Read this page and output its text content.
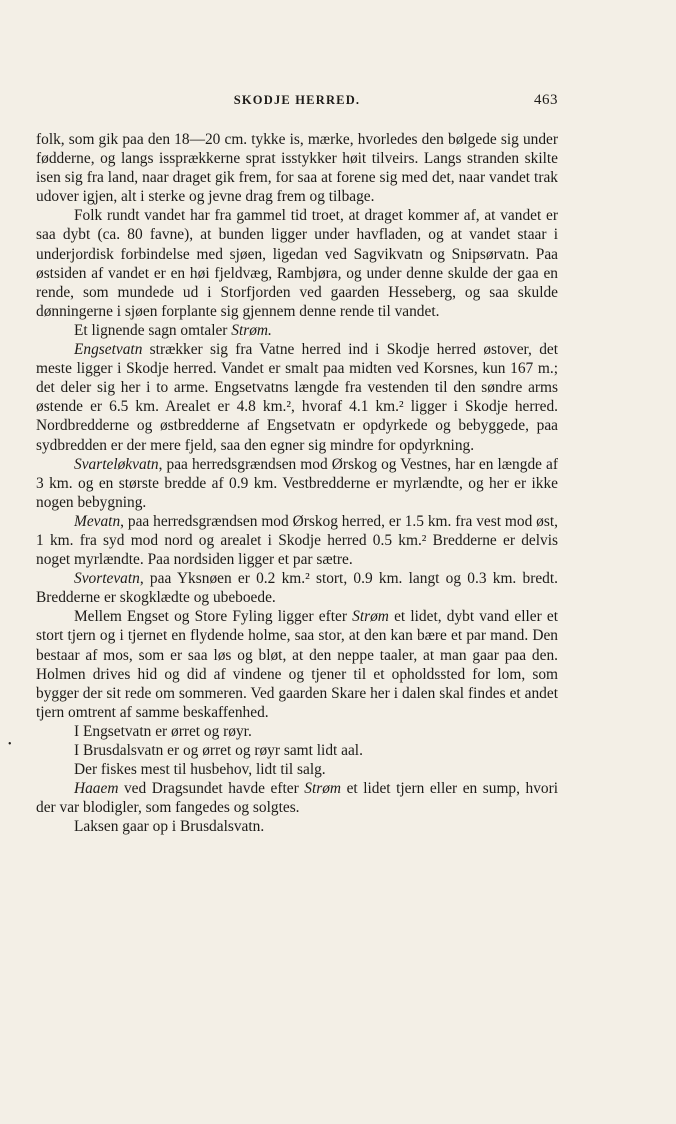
SKODJE HERRED.	463

folk, som gik paa den 18—20 cm. tykke is, mærke, hvorledes den bølgede sig under fødderne, og langs issprækkerne sprat isstykker høit tilveirs. Langs stranden skilte isen sig fra land, naar draget gik frem, for saa at forene sig med det, naar vandet trak udover igjen, alt i sterke og jevne drag frem og tilbage.

Folk rundt vandet har fra gammel tid troet, at draget kommer af, at vandet er saa dybt (ca. 80 favne), at bunden ligger under havfladen, og at vandet staar i underjordisk forbindelse med sjøen, ligedan ved Sagvikvatn og Snipsørvatn. Paa østsiden af vandet er en høi fjeldvæg, Rambjøra, og under denne skulde der gaa en rende, som mundede ud i Storfjorden ved gaarden Hesseberg, og saa skulde dønningerne i sjøen forplante sig gjennem denne rende til vandet.

Et lignende sagn omtaler Strøm.

Engsetvatn strækker sig fra Vatne herred ind i Skodje herred østover, det meste ligger i Skodje herred. Vandet er smalt paa midten ved Korsnes, kun 167 m.; det deler sig her i to arme. Engsetvatns længde fra vestenden til den søndre arms østende er 6.5 km. Arealet er 4.8 km.², hvoraf 4.1 km.² ligger i Skodje herred. Nordbredderne og østbredderne af Engsetvatn er opdyrkede og bebyggede, paa sydbredden er der mere fjeld, saa den egner sig mindre for opdyrkning.

Svarteløkvatn, paa herredsgrændsen mod Ørskog og Vestnes, har en længde af 3 km. og en største bredde af 0.9 km. Vestbredderne er myrlændte, og her er ikke nogen bebygning.

Mevatn, paa herredsgrændsen mod Ørskog herred, er 1.5 km. fra vest mod øst, 1 km. fra syd mod nord og arealet i Skodje herred 0.5 km.² Bredderne er delvis noget myrlændte. Paa nordsiden ligger et par sætre.

Svortevatn, paa Yksnøen er 0.2 km.² stort, 0.9 km. langt og 0.3 km. bredt. Bredderne er skogklædte og ubeboede.

Mellem Engset og Store Fyling ligger efter Strøm et lidet, dybt vand eller et stort tjern og i tjernet en flydende holme, saa stor, at den kan bære et par mand. Den bestaar af mos, som er saa løs og bløt, at den neppe taaler, at man gaar paa den. Holmen drives hid og did af vindene og tjener til et opholdssted for lom, som bygger der sit rede om sommeren. Ved gaarden Skare her i dalen skal findes et andet tjern omtrent af samme beskaffenhed.

I Engsetvatn er ørret og røyr.

I Brusdalsvatn er og ørret og røyr samt lidt aal.

Der fiskes mest til husbehov, lidt til salg.

Haaem ved Dragsundet havde efter Strøm et lidet tjern eller en sump, hvori der var blodigler, som fangedes og solgtes.

Laksen gaar op i Brusdalsvatn.

•
